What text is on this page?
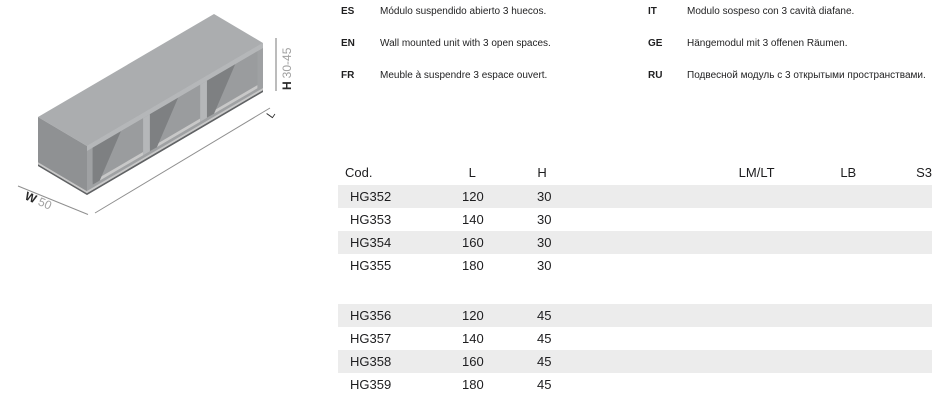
W50
H30-45
L
ES	Módulo suspendido abierto 3 huecos.
EN	Wall mounted unit with 3 open spaces.
FR	Meuble à suspendre 3 espace ouvert.
IT	Modulo sospeso con 3 cavità diafane.
GE	Hängemodul mit 3 offenen Räumen.
RU	Подвесной модуль с 3 открытыми пространствами.
Cod.	L	H	LM/LT	LB	S3
HG352	120	30
HG353	140	30
HG354	160	30
HG355	180	30
HG356	120	45
HG357	140	45
HG358	160	45
HG359	180	45
